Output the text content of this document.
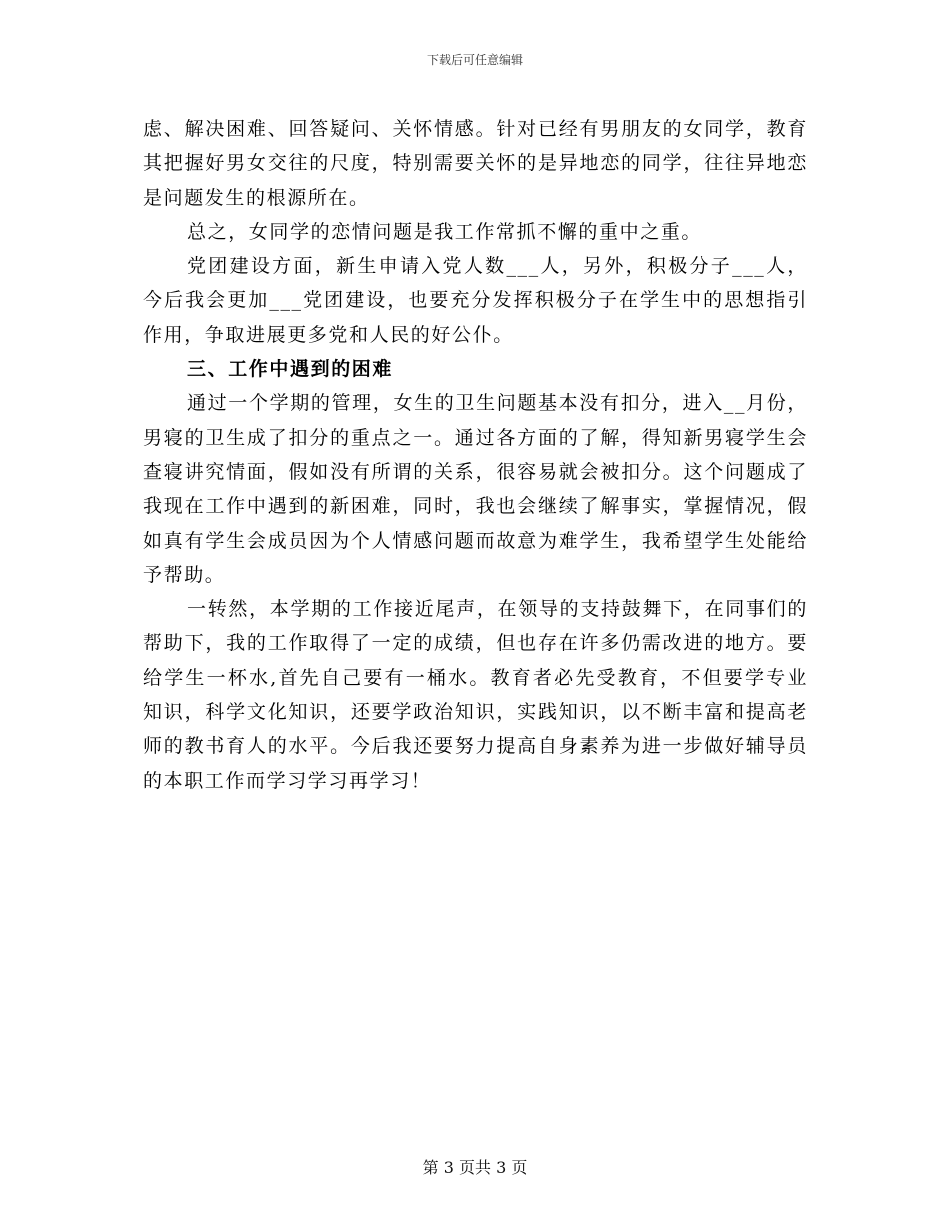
下载后可任意编辑

虑、解决困难、回答疑问、关怀情感。针对已经有男朋友的女同学，教育其把握好男女交往的尺度，特别需要关怀的是异地恋的同学，往往异地恋是问题发生的根源所在。

总之，女同学的恋情问题是我工作常抓不懈的重中之重。

党团建设方面，新生申请入党人数___人，另外，积极分子___人，今后我会更加___党团建设，也要充分发挥积极分子在学生中的思想指引作用，争取进展更多党和人民的好公仆。

三、工作中遇到的困难

通过一个学期的管理，女生的卫生问题基本没有扣分，进入__月份，男寝的卫生成了扣分的重点之一。通过各方面的了解，得知新男寝学生会查寝讲究情面，假如没有所谓的关系，很容易就会被扣分。这个问题成了我现在工作中遇到的新困难，同时，我也会继续了解事实，掌握情况，假如真有学生会成员因为个人情感问题而故意为难学生，我希望学生处能给予帮助。

一转然，本学期的工作接近尾声，在领导的支持鼓舞下，在同事们的帮助下，我的工作取得了一定的成绩，但也存在许多仍需改进的地方。要给学生一杯水,首先自己要有一桶水。教育者必先受教育，不但要学专业知识，科学文化知识，还要学政治知识，实践知识，以不断丰富和提高老师的教书育人的水平。今后我还要努力提高自身素养为进一步做好辅导员的本职工作而学习学习再学习！

第 3 页共 3 页
